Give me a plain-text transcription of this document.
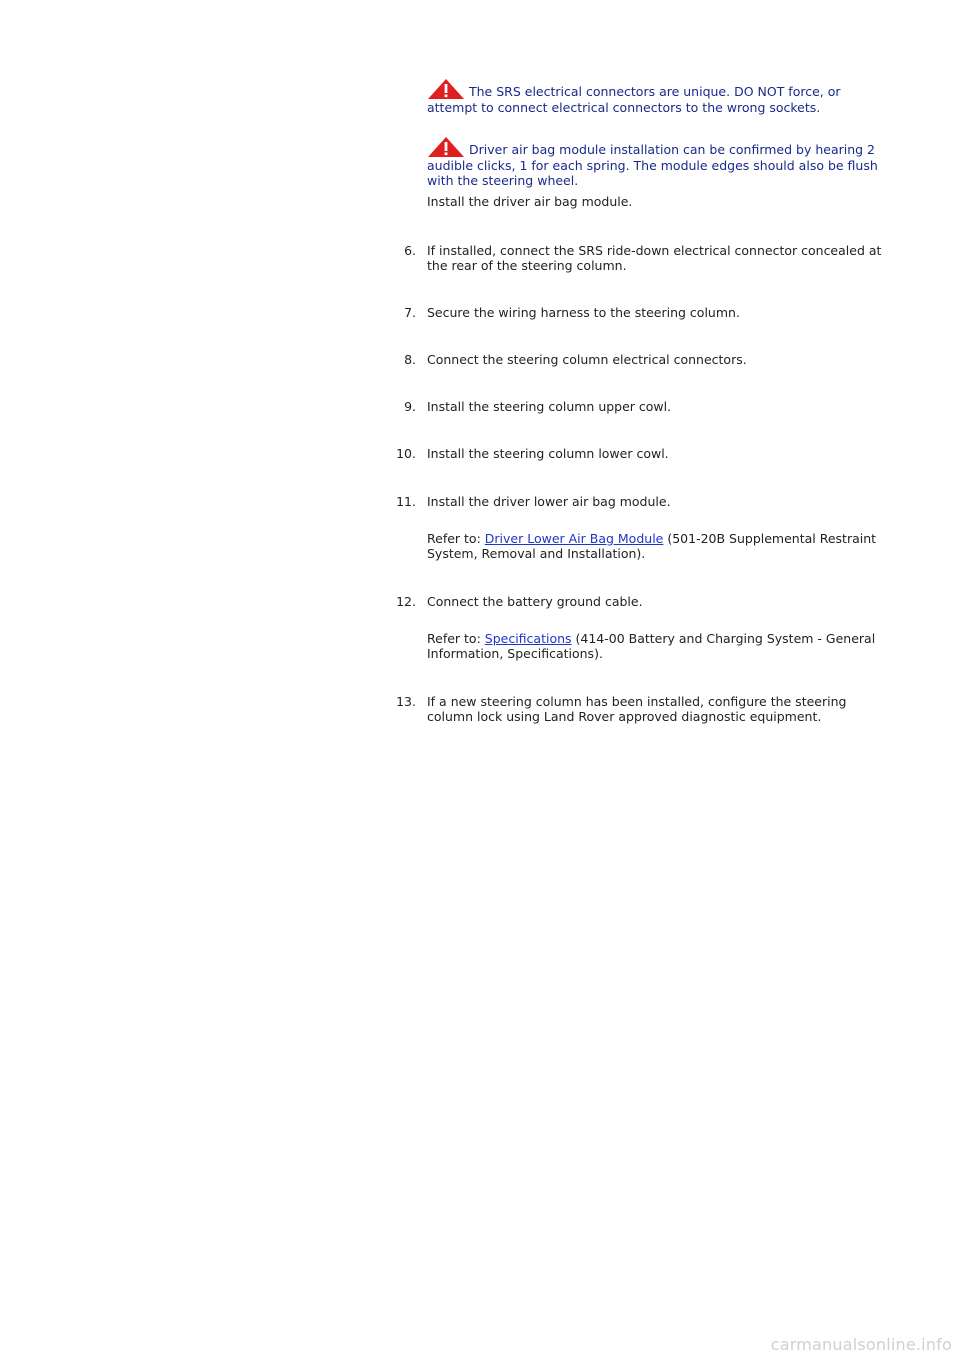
The SRS electrical connectors are unique. DO NOT force, or attempt to connect electrical connectors to the wrong sockets.
Driver air bag module installation can be confirmed by hearing 2 audible clicks, 1 for each spring. The module edges should also be flush with the steering wheel.
Install the driver air bag module.
6. If installed, connect the SRS ride-down electrical connector concealed at the rear of the steering column.
7. Secure the wiring harness to the steering column.
8. Connect the steering column electrical connectors.
9. Install the steering column upper cowl.
10. Install the steering column lower cowl.
11. Install the driver lower air bag module.
Refer to: Driver Lower Air Bag Module (501-20B Supplemental Restraint System, Removal and Installation).
12. Connect the battery ground cable.
Refer to: Specifications (414-00 Battery and Charging System - General Information, Specifications).
13. If a new steering column has been installed, configure the steering column lock using Land Rover approved diagnostic equipment.
carmanualsonline.info
